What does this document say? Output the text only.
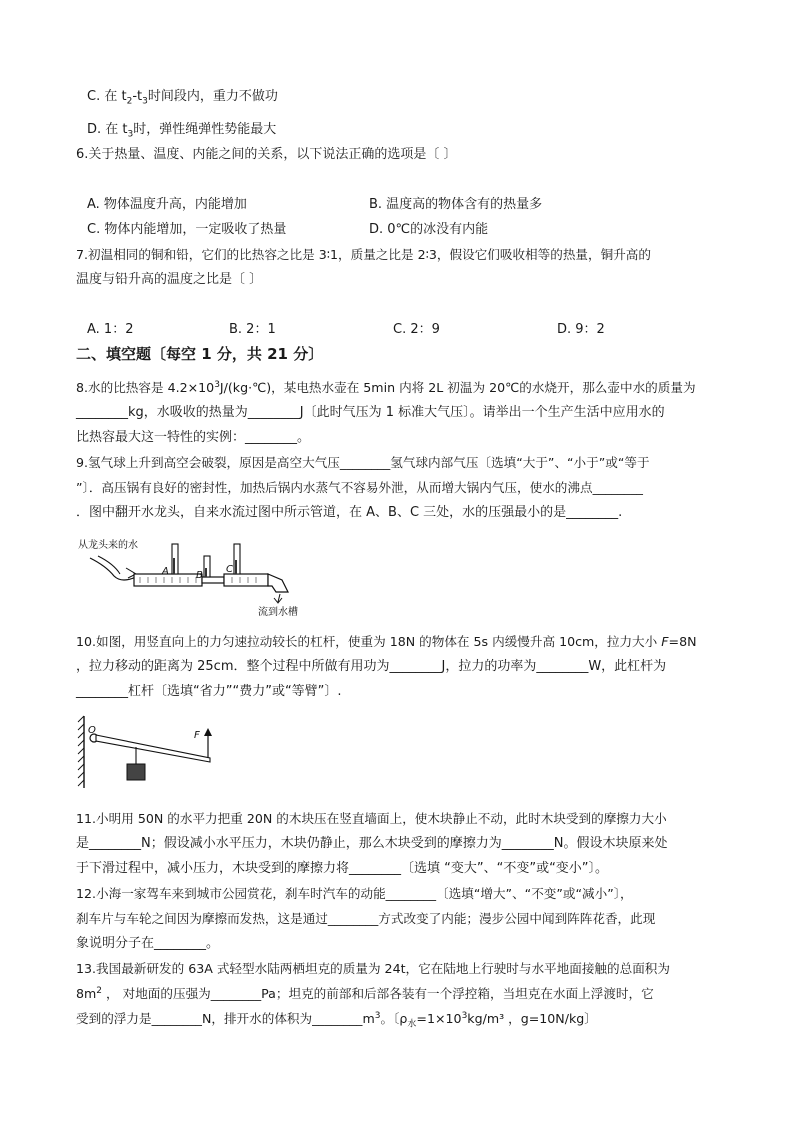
C. 在 $t_2-t_3$时间段内，重力不做功
D. 在 $t_3$时，弹性绳弹性势能最大
6.关于热量、温度、内能之间的关系，以下说法正确的选项是〔 〕
A. 物体温度升高，内能增加	B. 温度高的物体含有的热量多
C. 物体内能增加，一定吸收了热量	D. 0℃的冰没有内能
7.初温相同的铜和铅，它们的比热容之比是 3∶1，质量之比是 2∶3，假设它们吸收相等的热量，铜升高的
温度与铅升高的温度之比是〔 〕
A. 1：2	B. 2：1	C. 2：9	D. 9：2
二、填空题〔每空 1 分，共 21 分〕
8.水的比热容是 $4.2\times 10^3J/(kg\cdot℃)$，某电热水壶在 5min 内将 2L 初温为 20℃的水烧开，那么壶中水的质量为
________kg，水吸收的热量为________J〔此时气压为 1 标准大气压〕。请举出一个生产生活中应用水的
比热容最大这一特性的实例：________。
9.氢气球上升到高空会破裂，原因是高空大气压________氢气球内部气压〔选填“大于”、“小于”或“等于
”〕．高压锅有良好的密封性，加热后锅内水蒸气不容易外泄，从而增大锅内气压，使水的沸点________
．图中翻开水龙头，自来水流过图中所示管道，在 A、B、C 三处，水的压强最小的是________.
从龙头来的水
A	B
C
流到水槽
10.如图，用竖直向上的力匀速拉动较长的杠杆，使重为 18N 的物体在 5s 内缓慢升高 10cm，拉力大小 F=8N
，拉力移动的距离为 25cm．整个过程中所做有用功为________J，拉力的功率为________W，此杠杆为
________杠杆〔选填“省力”“费力”或“等臂”〕.
O	F
11.小明用 50N 的水平力把重 20N 的木块压在竖直墙面上，使木块静止不动，此时木块受到的摩擦力大小
是________N；假设减小水平压力，木块仍静止，那么木块受到的摩擦力为________N。假设木块原来处
于下滑过程中，减小压力，木块受到的摩擦力将________〔选填 “变大”、“不变”或“变小”〕。
12.小海一家驾车来到城市公园赏花，刹车时汽车的动能________〔选填“增大”、“不变”或“减小”〕，
刹车片与车轮之间因为摩擦而发热，这是通过________方式改变了内能；漫步公园中闻到阵阵花香，此现
象说明分子在________。
13.我国最新研发的 63A 式轻型水陆两栖坦克的质量为 24t，它在陆地上行驶时与水平地面接触的总面积为
$8m^2$ ， 对地面的压强为________Pa；坦克的前部和后部各装有一个浮控箱，当坦克在水面上浮渡时，它
受到的浮力是________N，排开水的体积为$\_\_\_\_\_\_\_\_m^3$。〔$\rho_水=1\times 10^3kg/m^3$ ，g=10N/kg〕
